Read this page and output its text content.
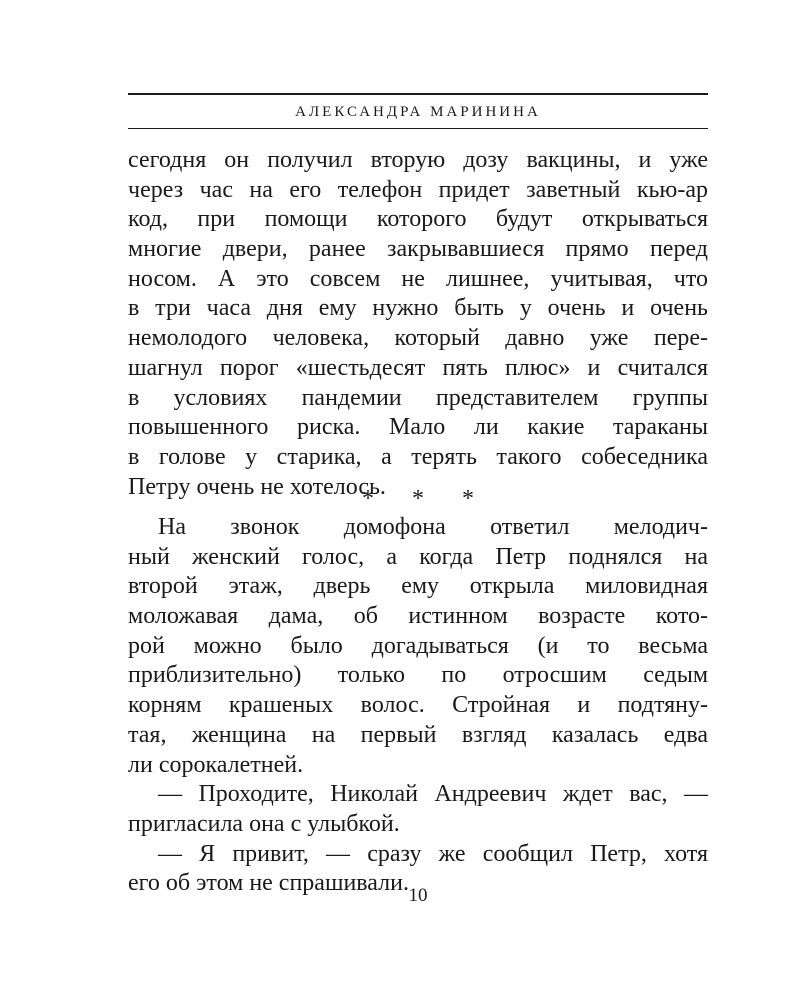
АЛЕКСАНДРА МАРИНИНА
сегодня он получил вторую дозу вакцины, и уже
через час на его телефон придет заветный кью-ар
код, при помощи которого будут открываться
многие двери, ранее закрывавшиеся прямо перед
носом. А это совсем не лишнее, учитывая, что
в три часа дня ему нужно быть у очень и очень
немолодого человека, который давно уже пере-
шагнул порог «шестьдесят пять плюс» и считался
в условиях пандемии представителем группы
повышенного риска. Мало ли какие тараканы
в голове у старика, а терять такого собеседника
Петру очень не хотелось.
* * *
На звонок домофона ответил мелодич-
ный женский голос, а когда Петр поднялся на
второй этаж, дверь ему открыла миловидная
моложавая дама, об истинном возрасте кото-
рой можно было догадываться (и то весьма
приблизительно) только по отросшим седым
корням крашеных волос. Стройная и подтяну-
тая, женщина на первый взгляд казалась едва
ли сорокалетней.
— Проходите, Николай Андреевич ждет вас, —
пригласила она с улыбкой.
— Я привит, — сразу же сообщил Петр, хотя
его об этом не спрашивали. 10
